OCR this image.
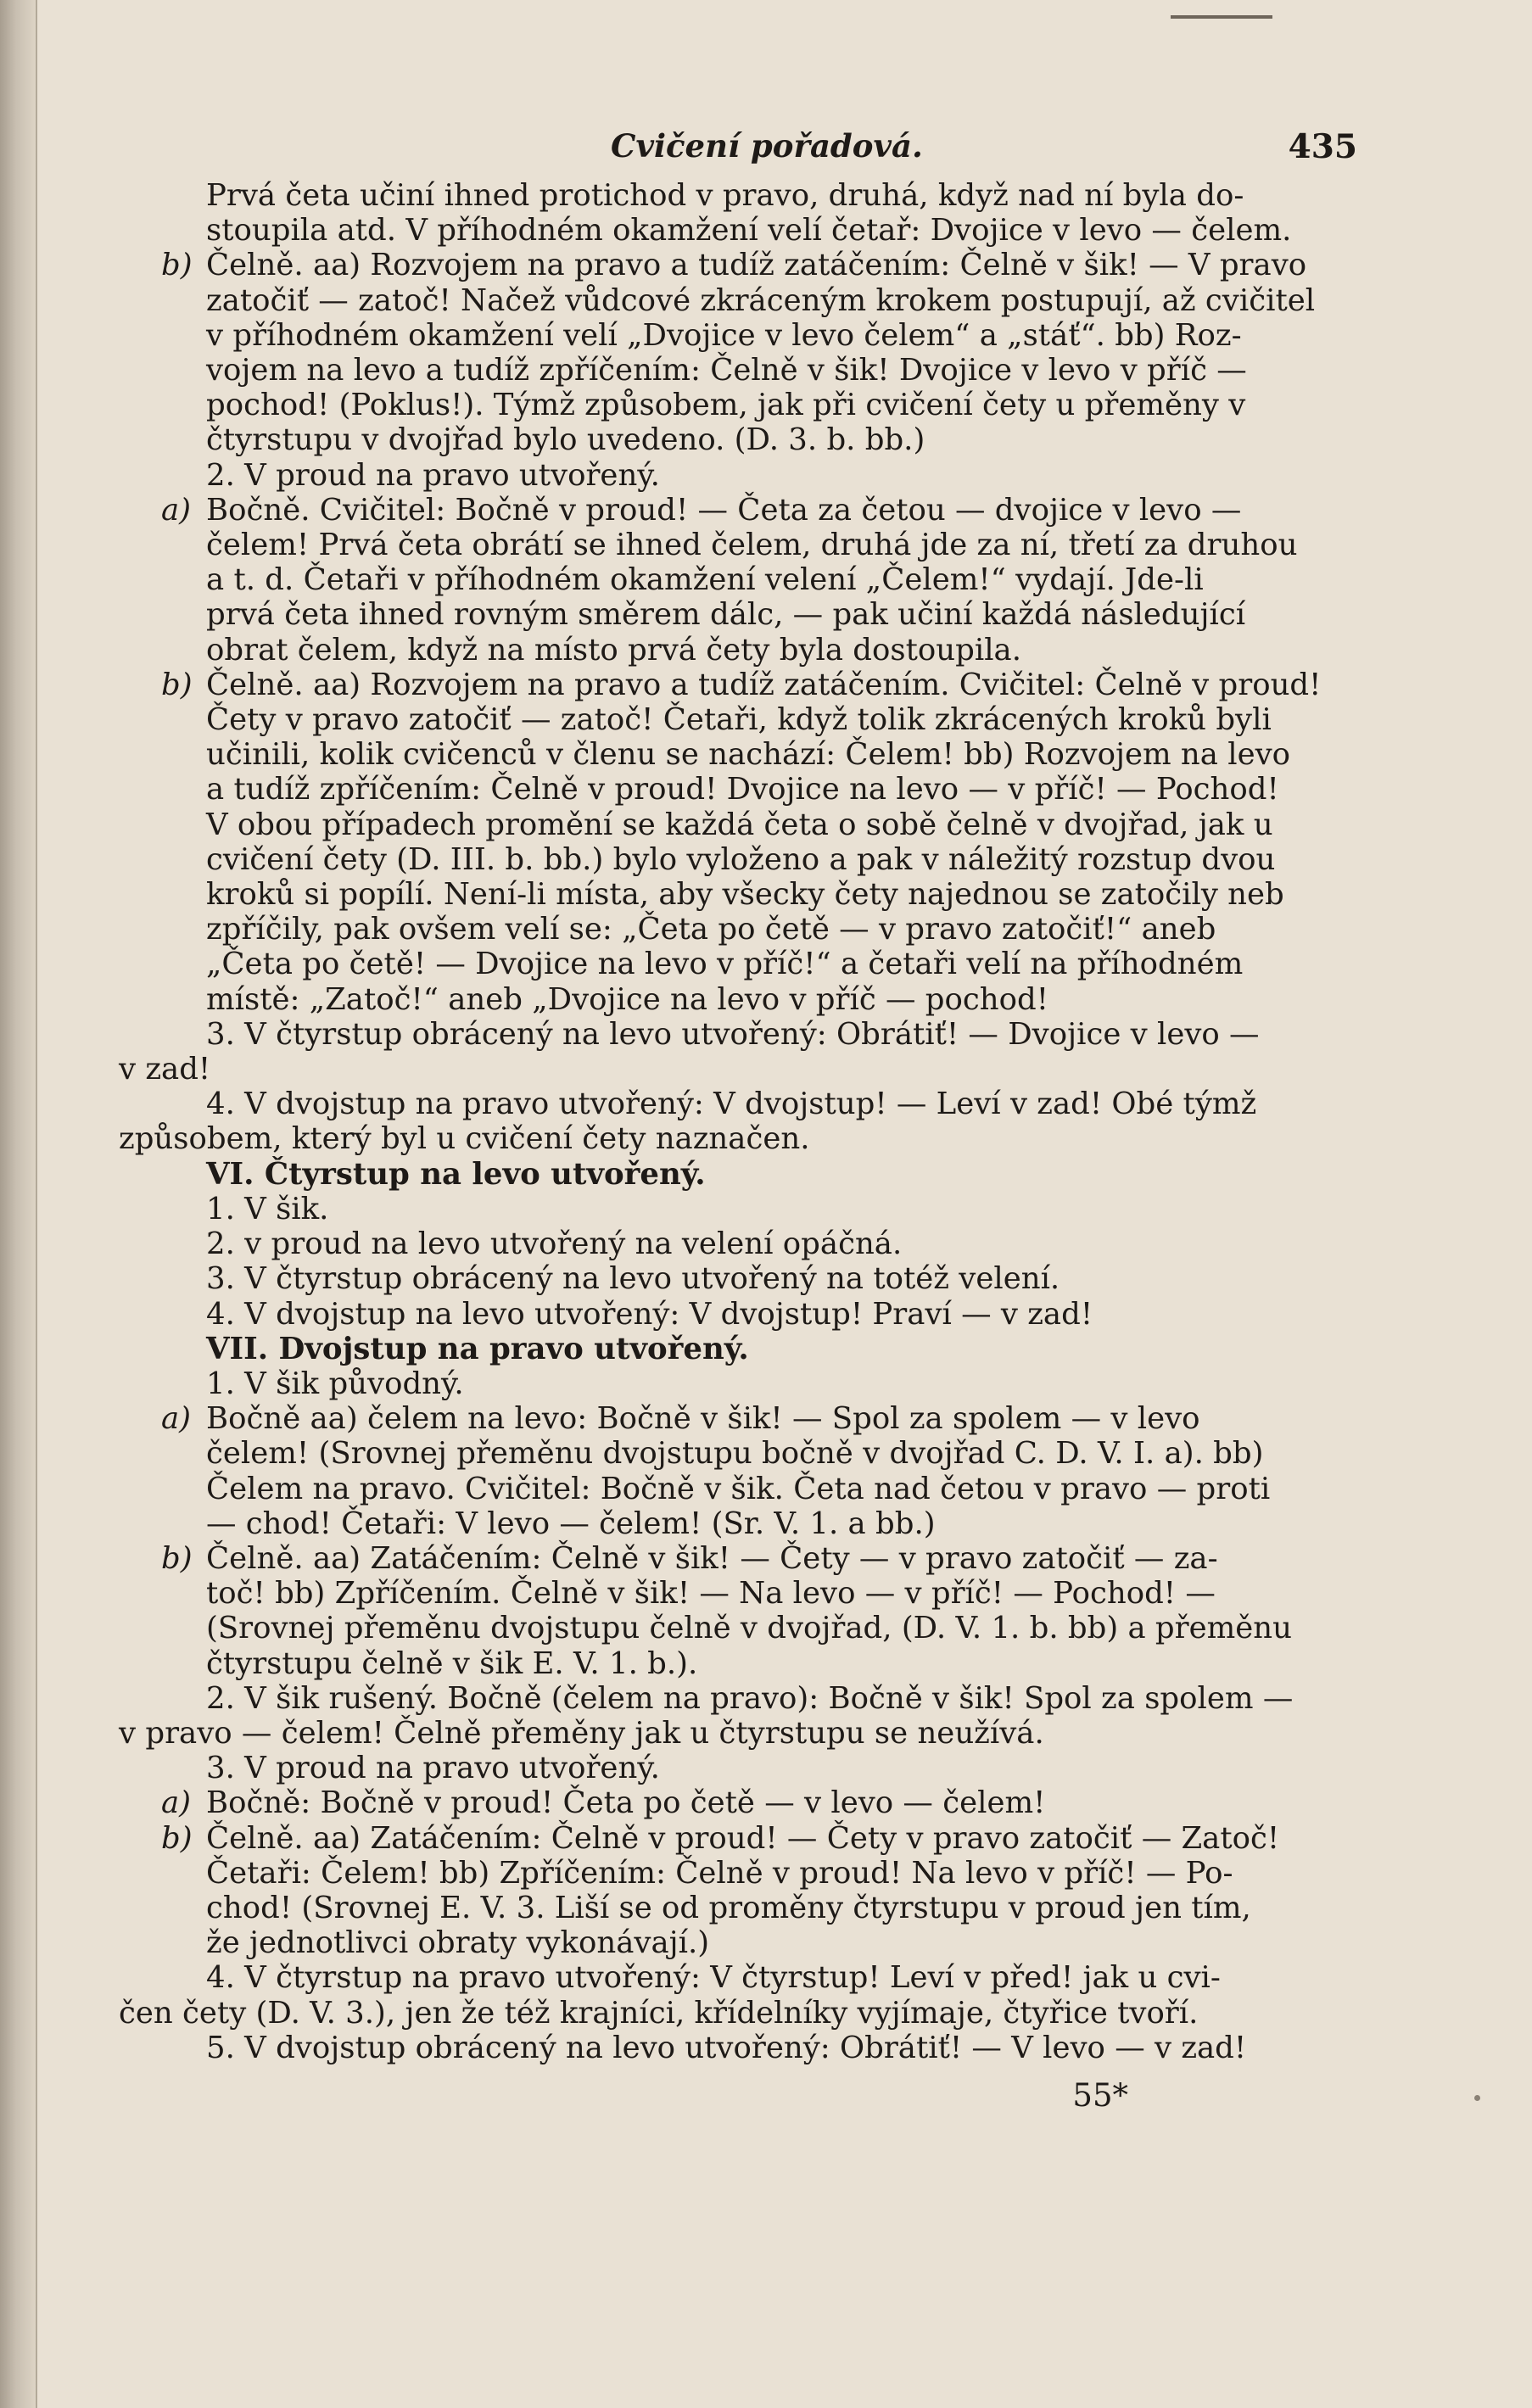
Cvičení pořadová.	435
Prvá četa učiní ihned protichod v pravo, druhá, když nad ní byla do-
stoupila atd. V příhodném okamžení velí četař: Dvojice v levo — čelem.
b) Čelně. aa) Rozvojem na pravo a tudíž zatáčením: Čelně v šik! — V pravo
zatočiť — zatoč! Načež vůdcové zkráceným krokem postupují, až cvičitel
v příhodném okamžení velí „Dvojice v levo čelem“ a „stáť“. bb) Roz-
vojem na levo a tudíž zpříčením: Čelně v šik! Dvojice v levo v příč —
pochod! (Poklus!). Týmž způsobem, jak při cvičení čety u přeměny v
čtyrstupu v dvojřad bylo uvedeno. (D. 3. b. bb.)
2. V proud na pravo utvořený.
a) Bočně. Cvičitel: Bočně v proud! — Četa za četou — dvojice v levo —
čelem! Prvá četa obrátí se ihned čelem, druhá jde za ní, třetí za druhou
a t. d. Četaři v příhodném okamžení velení „Čelem!“ vydají. Jde-li
prvá četa ihned rovným směrem dálc, — pak učiní každá následující
obrat čelem, když na místo prvá čety byla dostoupila.
b) Čelně. aa) Rozvojem na pravo a tudíž zatáčením. Cvičitel: Čelně v proud!
Čety v pravo zatočiť — zatoč! Četaři, když tolik zkrácených kroků byli
učinili, kolik cvičenců v členu se nachází: Čelem! bb) Rozvojem na levo
a tudíž zpříčením: Čelně v proud! Dvojice na levo — v příč! — Pochod!
V obou případech promění se každá četa o sobě čelně v dvojřad, jak u
cvičení čety (D. III. b. bb.) bylo vyloženo a pak v náležitý rozstup dvou
kroků si popílí. Není-li místa, aby všecky čety najednou se zatočily neb
zpříčily, pak ovšem velí se: „Četa po četě — v pravo zatočiť!“ aneb
„Četa po četě! — Dvojice na levo v příč!“ a četaři velí na příhodném
místě: „Zatoč!“ aneb „Dvojice na levo v příč — pochod!
3. V čtyrstup obrácený na levo utvořený: Obrátiť! — Dvojice v levo —
v zad!
4. V dvojstup na pravo utvořený: V dvojstup! — Leví v zad! Obé týmž
způsobem, který byl u cvičení čety naznačen.
VI. Čtyrstup na levo utvořený.
1. V šik.
2. v proud na levo utvořený na velení opáčná.
3. V čtyrstup obrácený na levo utvořený na totéž velení.
4. V dvojstup na levo utvořený: V dvojstup! Praví — v zad!
VII. Dvojstup na pravo utvořený.
1. V šik původný.
a) Bočně aa) čelem na levo: Bočně v šik! — Spol za spolem — v levo
čelem! (Srovnej přeměnu dvojstupu bočně v dvojřad C. D. V. I. a). bb)
Čelem na pravo. Cvičitel: Bočně v šik. Četa nad četou v pravo — proti
— chod! Četaři: V levo — čelem! (Sr. V. 1. a bb.)
b) Čelně. aa) Zatáčením: Čelně v šik! — Čety — v pravo zatočiť — za-
toč! bb) Zpříčením. Čelně v šik! — Na levo — v příč! — Pochod! —
(Srovnej přeměnu dvojstupu čelně v dvojřad, (D. V. 1. b. bb) a přeměnu
čtyrstupu čelně v šik E. V. 1. b.).
2. V šik rušený. Bočně (čelem na pravo): Bočně v šik! Spol za spolem —
v pravo — čelem! Čelně přeměny jak u čtyrstupu se neužívá.
3. V proud na pravo utvořený.
a) Bočně: Bočně v proud! Četa po četě — v levo — čelem!
b) Čelně. aa) Zatáčením: Čelně v proud! — Čety v pravo zatočiť — Zatoč!
Četaři: Čelem! bb) Zpříčením: Čelně v proud! Na levo v příč! — Po-
chod! (Srovnej E. V. 3. Liší se od proměny čtyrstupu v proud jen tím,
že jednotlivci obraty vykonávají.)
4. V čtyrstup na pravo utvořený: V čtyrstup! Leví v před! jak u cvi-
čen čety (D. V. 3.), jen že též krajníci, křídelníky vyjímaje, čtyřice tvoří.
5. V dvojstup obrácený na levo utvořený: Obrátiť! — V levo — v zad!
55*
